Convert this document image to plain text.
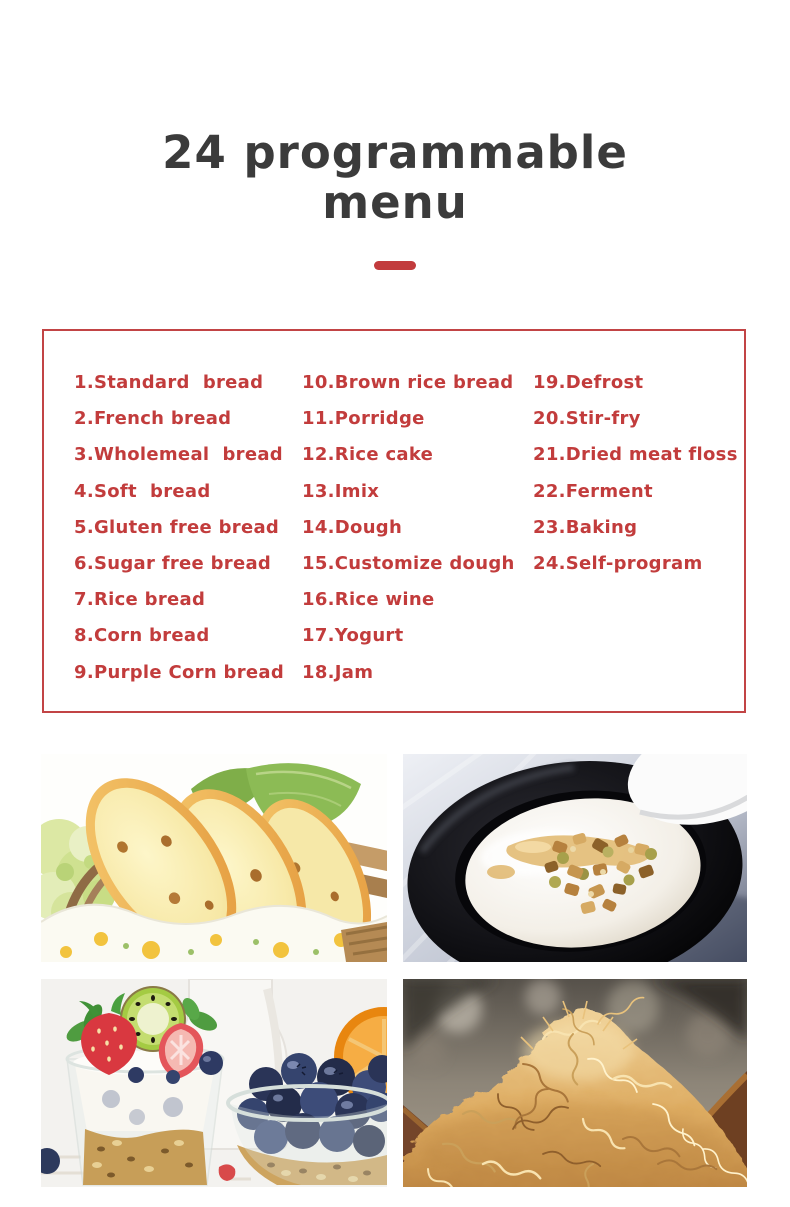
24 programmable
menu
1.Standard  bread
2.French bread
3.Wholemeal  bread
4.Soft  bread
5.Gluten free bread
6.Sugar free bread
7.Rice bread
8.Corn bread
9.Purple Corn bread
10.Brown rice bread
11.Porridge
12.Rice cake
13.Imix
14.Dough
15.Customize dough
16.Rice wine
17.Yogurt
18.Jam
19.Defrost
20.Stir-fry
21.Dried meat floss
22.Ferment
23.Baking
24.Self-program
